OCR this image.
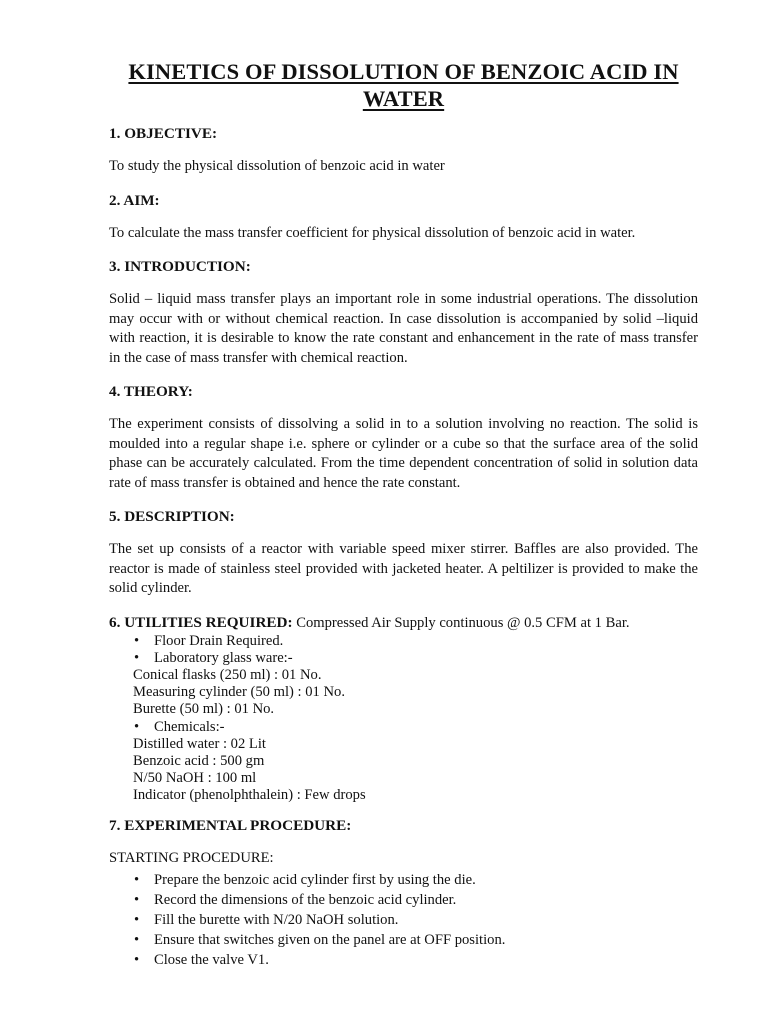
KINETICS OF DISSOLUTION OF BENZOIC ACID IN
WATER
1. OBJECTIVE:
To study the physical dissolution of benzoic acid in water
2. AIM:
To calculate the mass transfer coefficient for physical dissolution of benzoic acid in water.
3. INTRODUCTION:
Solid – liquid mass transfer plays an important role in some industrial operations. The dissolution may occur with or without chemical reaction. In case dissolution is accompanied by solid –liquid with reaction, it is desirable to know the rate constant and enhancement in the rate of mass transfer in the case of mass transfer with chemical reaction.
4. THEORY:
The experiment consists of dissolving a solid in to a solution involving no reaction. The solid is moulded into a regular shape i.e. sphere or cylinder or a cube so that the surface area of the solid phase can be accurately calculated. From the time dependent concentration of solid in solution data rate of mass transfer is obtained and hence the rate constant.
5. DESCRIPTION:
The set up consists of a reactor with variable speed mixer stirrer. Baffles are also provided. The reactor is made of stainless steel provided with jacketed heater. A peltilizer is provided to make the solid cylinder.
6. UTILITIES REQUIRED: Compressed Air Supply continuous @ 0.5 CFM at 1 Bar.
• Floor Drain Required.
• Laboratory glass ware:-
Conical flasks (250 ml) : 01 No.
Measuring cylinder (50 ml) : 01 No.
Burette (50 ml) : 01 No.
• Chemicals:-
Distilled water : 02 Lit
Benzoic acid : 500 gm
N/50 NaOH : 100 ml
Indicator (phenolphthalein) : Few drops
7. EXPERIMENTAL PROCEDURE:
STARTING PROCEDURE:
• Prepare the benzoic acid cylinder first by using the die.
• Record the dimensions of the benzoic acid cylinder.
• Fill the burette with N/20 NaOH solution.
• Ensure that switches given on the panel are at OFF position.
• Close the valve V1.
